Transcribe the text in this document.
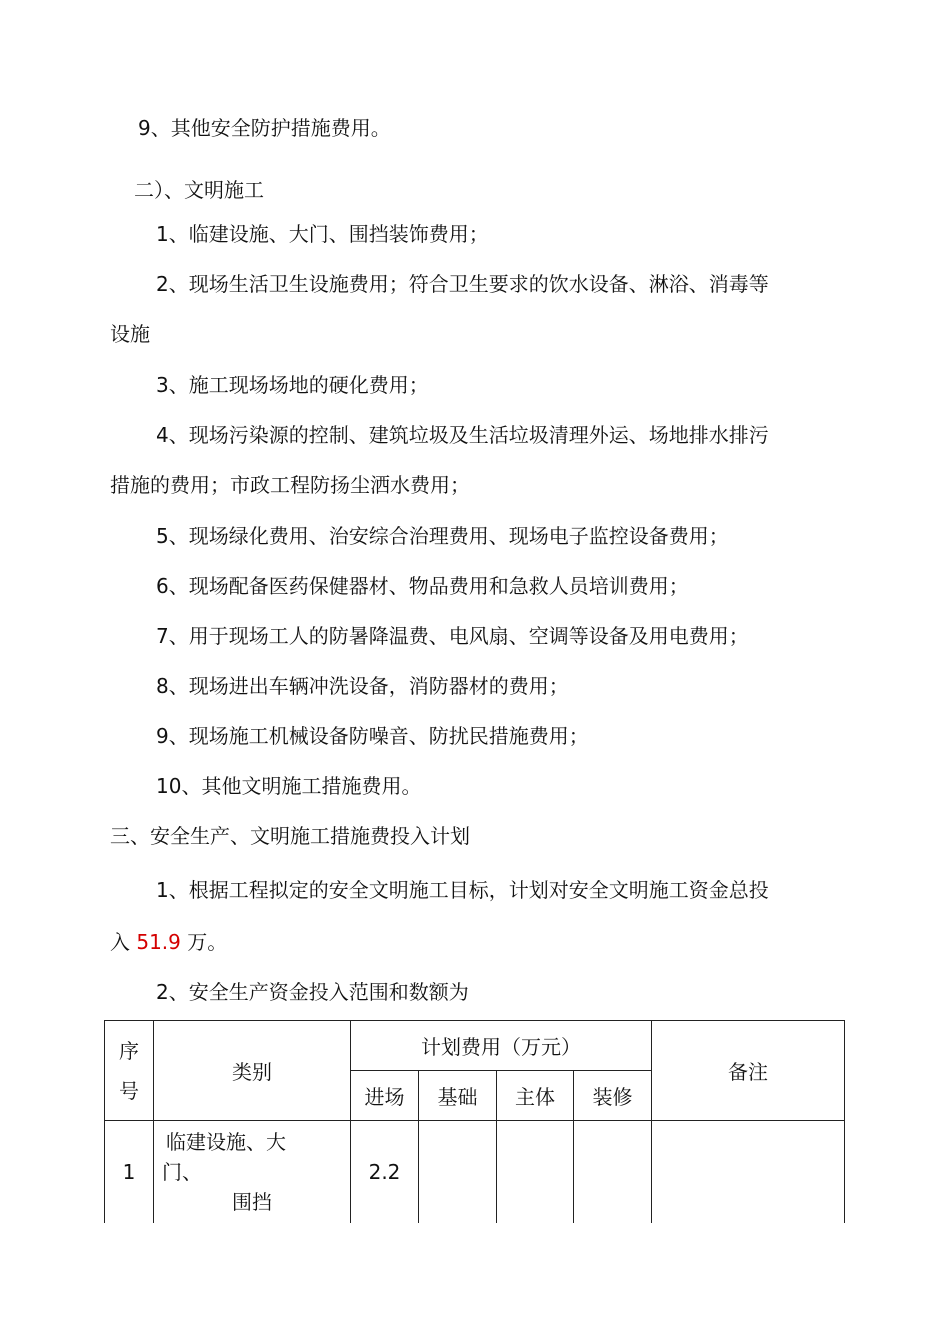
9、其他安全防护措施费用。
二）、文明施工
1、临建设施、大门、围挡装饰费用；
2、现场生活卫生设施费用；符合卫生要求的饮水设备、淋浴、消毒等
设施
3、施工现场场地的硬化费用；
4、现场污染源的控制、建筑垃圾及生活垃圾清理外运、场地排水排污
措施的费用；市政工程防扬尘洒水费用；
5、现场绿化费用、治安综合治理费用、现场电子监控设备费用；
6、现场配备医药保健器材、物品费用和急救人员培训费用；
7、用于现场工人的防暑降温费、电风扇、空调等设备及用电费用；
8、现场进出车辆冲洗设备，消防器材的费用；
9、现场施工机械设备防噪音、防扰民措施费用；
10、其他文明施工措施费用。
三、安全生产、文明施工措施费投入计划
1、根据工程拟定的安全文明施工目标，计划对安全文明施工资金总投
入 51.9 万。
2、安全生产资金投入范围和数额为
序
号	类别	计划费用（万元）				备注
		进场	基础	主体	装修	
1	临建设施、大
门、
围挡	2.2				
